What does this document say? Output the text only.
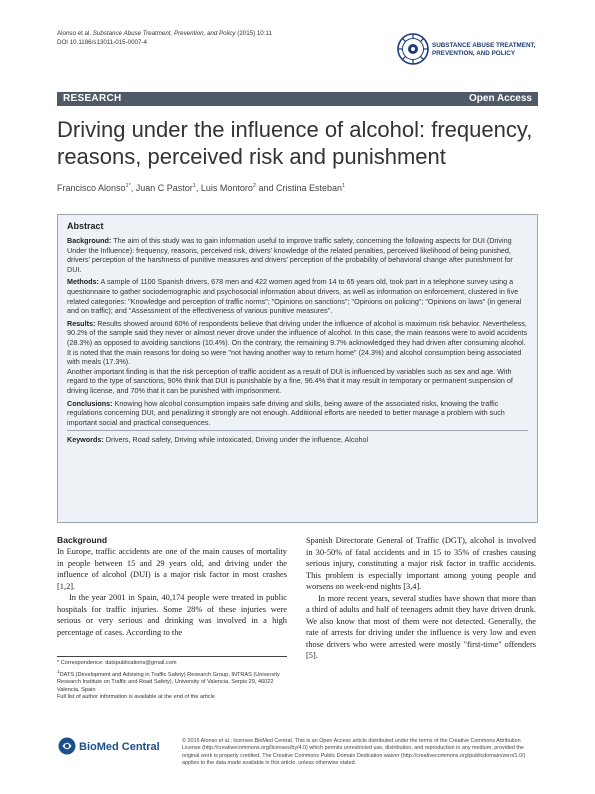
Alonso et al. Substance Abuse Treatment, Prevention, and Policy (2015) 10:11
DOI 10.1186/s13011-015-0007-4	SUBSTANCE ABUSE TREATMENT,
PREVENTION, AND POLICY
RESEARCH	Open Access
Driving under the influence of alcohol: frequency, reasons, perceived risk and punishment
Francisco Alonso$^{1*}$, Juan C Pastor$^1$, Luis Montoro$^2$ and Cristina Esteban$^1$
Abstract

Background: The aim of this study was to gain information useful to improve traffic safety, concerning the following aspects for DUI (Driving Under the Influence): frequency, reasons, perceived risk, drivers' knowledge of the related penalties, perceived likelihood of being punished, drivers' perception of the harshness of punitive measures and drivers' perception of the probability of behavioral change after punishment for DUI.

Methods: A sample of 1100 Spanish drivers, 678 men and 422 women aged from 14 to 65 years old, took part in a telephone survey using a questionnaire to gather sociodemographic and psychosocial information about drivers, as well as information on enforcement, clustered in five related categories: "Knowledge and perception of traffic norms"; "Opinions on sanctions"; "Opinions on policing"; "Opinions on laws" (in general and on traffic); and "Assessment of the effectiveness of various punitive measures".

Results: Results showed around 60% of respondents believe that driving under the influence of alcohol is maximum risk behavior. Nevertheless, 90.2% of the sample said they never or almost never drove under the influence of alcohol. In this case, the main reasons were to avoid accidents (28.3%) as opposed to avoiding sanctions (10.4%). On the contrary, the remaining 9.7% acknowledged they had driven after consuming alcohol. It is noted that the main reasons for doing so were "not having another way to return home" (24.3%) and alcohol consumption being associated with meals (17.3%).

Another important finding is that the risk perception of traffic accident as a result of DUI is influenced by variables such as sex and age. With regard to the type of sanctions, 90% think that DUI is punishable by a fine, 96.4% that it may result in temporary or permanent suspension of driving license, and 70% that it can be punished with imprisonment.

Conclusions: Knowing how alcohol consumption impairs safe driving and skills, being aware of the associated risks, knowing the traffic regulations concerning DUI, and penalizing it strongly are not enough. Additional efforts are needed to better manage a problem with such important social and practical consequences.

Keywords: Drivers, Road safety, Driving while intoxicated, Driving under the influence, Alcohol

Background

In Europe, traffic accidents are one of the main causes of mortality in people between 15 and 29 years old, and driving under the influence of alcohol (DUI) is a major risk factor in most crashes [1,2].

In the year 2001 in Spain, 40,174 people were treated in public hospitals for traffic injuries. Some 28% of these injuries were serious or very serious and drinking was involved in a high percentage of cases. According to the

Spanish Directorate General of Traffic (DGT), alcohol is involved in 30-50% of fatal accidents and in 15 to 35% of crashes causing serious injury, constituting a major risk factor in traffic accidents. This problem is especially important among young people and worsens on week-end nights [3,4].

In more recent years, several studies have shown that more than a third of adults and half of teenagers admit they have driven drunk. We also know that most of them were not detected. Generally, the rate of arrests for driving under the influence is very low and even those drivers who were arrested were mostly "first-time" offenders [5].

* Correspondence: datspublications@gmail.com
$^1$DATS (Development and Advising in Traffic Safety) Research Group, INTRAS (University Research Institute on Traffic and Road Safety), University of Valencia, Serpis 29, 46022 Valencia, Spain
Full list of author information is available at the end of the article
BioMed Central	© 2015 Alonso et al.; licensee BioMed Central. This is an Open Access article distributed under the terms of the Creative Commons Attribution License (http://creativecommons.org/licenses/by/4.0) which permits unrestricted use, distribution, and reproduction in any medium, provided the original work is properly credited. The Creative Commons Public Domain Dedication waiver (http://creativecommons.org/publicdomain/zero/1.0/) applies to the data made available in this article, unless otherwise stated.
